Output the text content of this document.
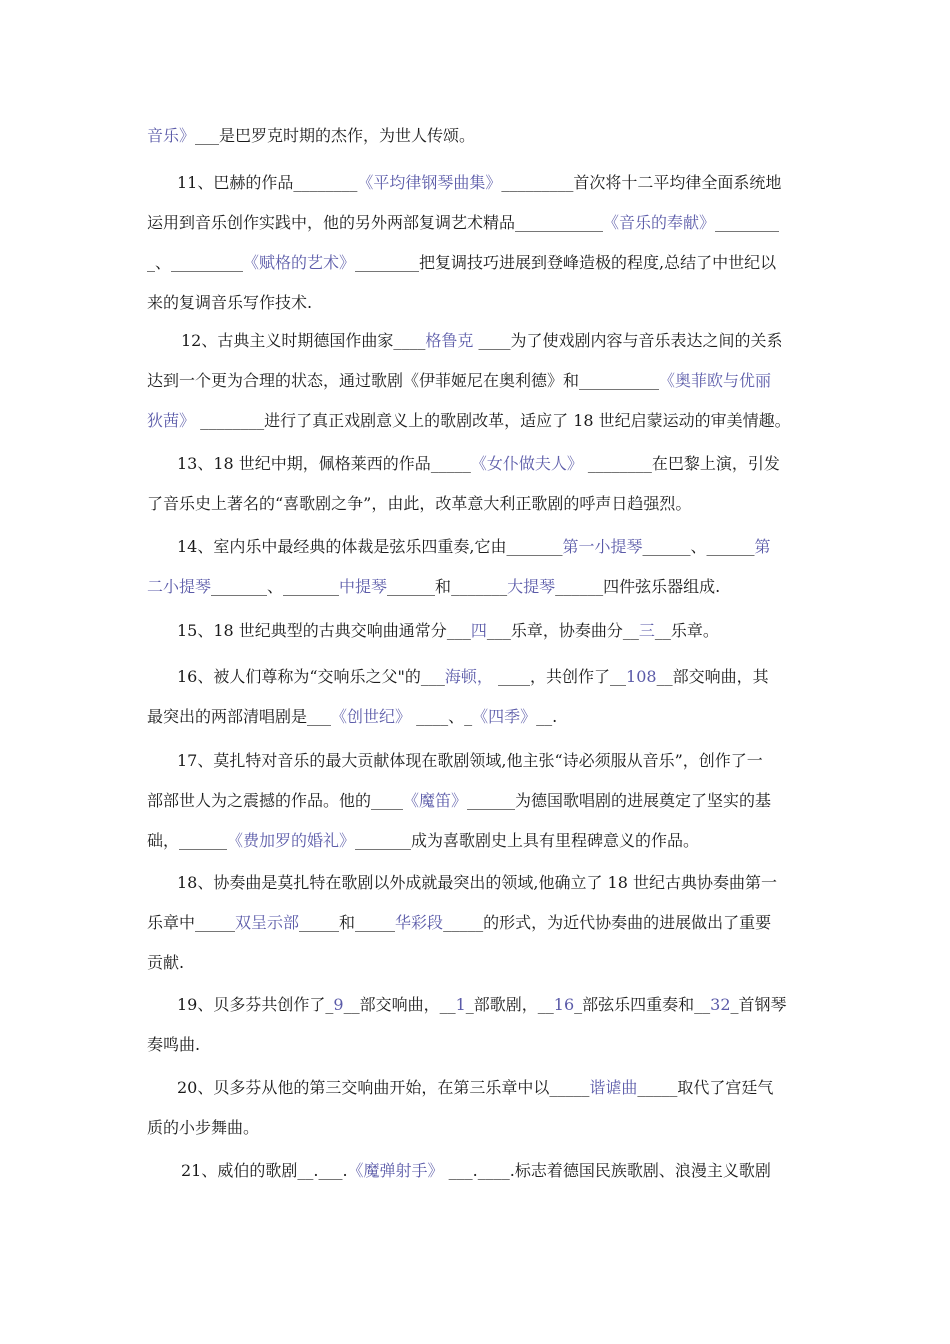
音乐》___是巴罗克时期的杰作，为世人传颂。
11、巴赫的作品________《平均律钢琴曲集》_________首次将十二平均律全面系统地
运用到音乐创作实践中，他的另外两部复调艺术精品___________《音乐的奉献》________
_、_________《赋格的艺术》________把复调技巧进展到登峰造极的程度,总结了中世纪以
来的复调音乐写作技术.
12、古典主义时期德国作曲家____格鲁克 ____为了使戏剧内容与音乐表达之间的关系
达到一个更为合理的状态，通过歌剧《伊菲姬尼在奥利德》和__________《奥菲欧与优丽
狄茜》 ________进行了真正戏剧意义上的歌剧改革，适应了 18 世纪启蒙运动的审美情趣。
13、18 世纪中期，佩格莱西的作品_____《女仆做夫人》 ________在巴黎上演，引发
了音乐史上著名的“喜歌剧之争”，由此，改革意大利正歌剧的呼声日趋强烈。
14、室内乐中最经典的体裁是弦乐四重奏,它由_______第一小提琴______、______第
二小提琴_______、_______中提琴______和_______大提琴______四件弦乐器组成.
15、18 世纪典型的古典交响曲通常分___四___乐章，协奏曲分__三__乐章。
16、被人们尊称为“交响乐之父"的___海顿， ____，共创作了__108__部交响曲，其
最突出的两部清唱剧是___《创世纪》 ____、_《四季》__.
17、莫扎特对音乐的最大贡献体现在歌剧领域,他主张“诗必须服从音乐”，创作了一
部部世人为之震撼的作品。他的____《魔笛》______为德国歌唱剧的进展奠定了坚实的基
础，______《费加罗的婚礼》_______成为喜歌剧史上具有里程碑意义的作品。
18、协奏曲是莫扎特在歌剧以外成就最突出的领域,他确立了 18 世纪古典协奏曲第一
乐章中_____双呈示部_____和_____华彩段_____的形式，为近代协奏曲的进展做出了重要
贡献.
19、贝多芬共创作了_9__部交响曲，__1_部歌剧，__16_部弦乐四重奏和__32_首钢琴
奏鸣曲.
20、贝多芬从他的第三交响曲开始，在第三乐章中以_____谐谑曲_____取代了宫廷气
质的小步舞曲。
21、威伯的歌剧__.___.《魔弹射手》 ___.____.标志着德国民族歌剧、浪漫主义歌剧
